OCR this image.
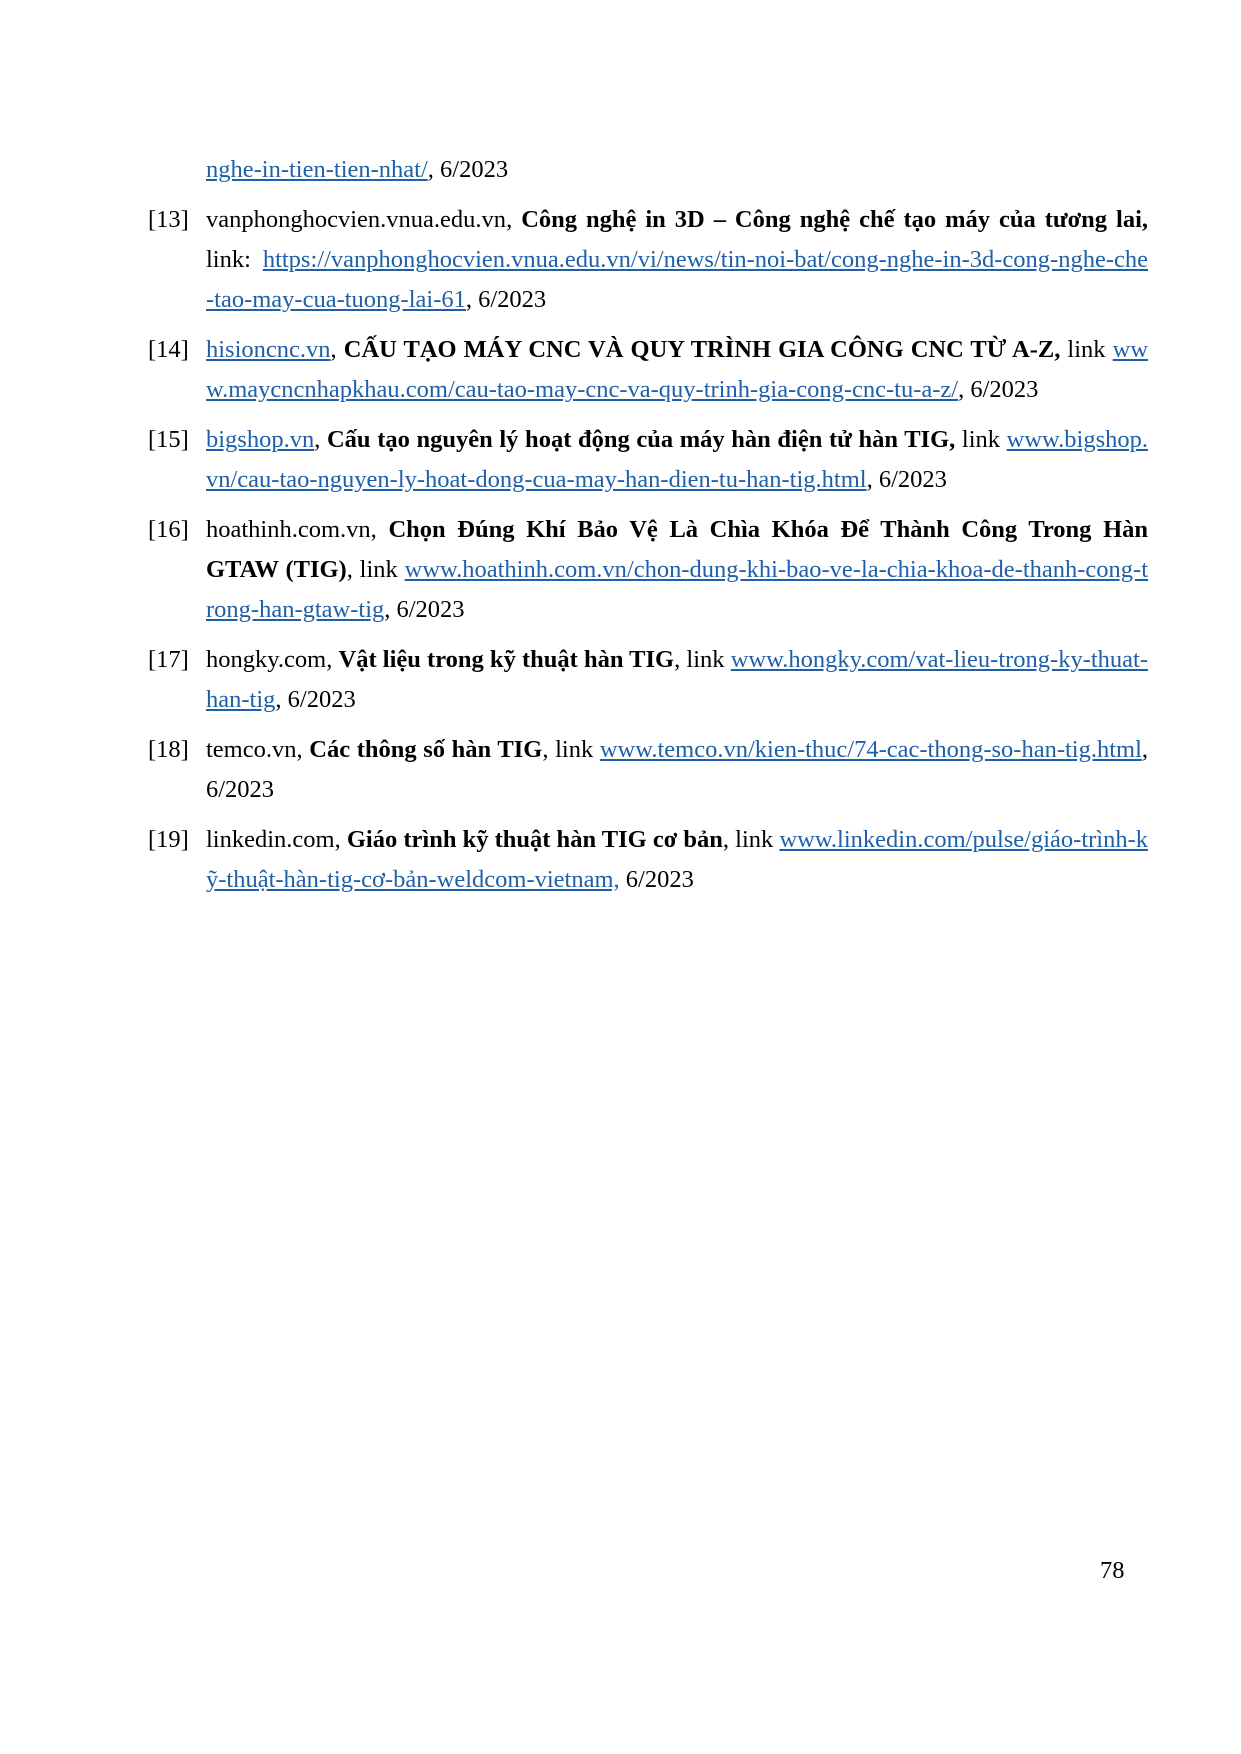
nghe-in-tien-tien-nhat/, 6/2023
[13] vanphonghocvien.vnua.edu.vn, Công nghệ in 3D – Công nghệ chế tạo máy của tương lai, link: https://vanphonghocvien.vnua.edu.vn/vi/news/tin-noi-bat/cong-nghe-in-3d-cong-nghe-che-tao-may-cua-tuong-lai-61, 6/2023
[14] hisioncnc.vn, CẤU TẠO MÁY CNC VÀ QUY TRÌNH GIA CÔNG CNC TỪ A-Z, link www.maycncnhapkhau.com/cau-tao-may-cnc-va-quy-trinh-gia-cong-cnc-tu-a-z/, 6/2023
[15] bigshop.vn, Cấu tạo nguyên lý hoạt động của máy hàn điện tử hàn TIG, link www.bigshop.vn/cau-tao-nguyen-ly-hoat-dong-cua-may-han-dien-tu-han-tig.html, 6/2023
[16] hoathinh.com.vn, Chọn Đúng Khí Bảo Vệ Là Chìa Khóa Để Thành Công Trong Hàn GTAW (TIG), link www.hoathinh.com.vn/chon-dung-khi-bao-ve-la-chia-khoa-de-thanh-cong-trong-han-gtaw-tig, 6/2023
[17] hongky.com, Vật liệu trong kỹ thuật hàn TIG, link www.hongky.com/vat-lieu-trong-ky-thuat-han-tig, 6/2023
[18] temco.vn, Các thông số hàn TIG, link www.temco.vn/kien-thuc/74-cac-thong-so-han-tig.html, 6/2023
[19] linkedin.com, Giáo trình kỹ thuật hàn TIG cơ bản, link www.linkedin.com/pulse/giáo-trình-kỹ-thuật-hàn-tig-cơ-bản-weldcom-vietnam, 6/2023
78
